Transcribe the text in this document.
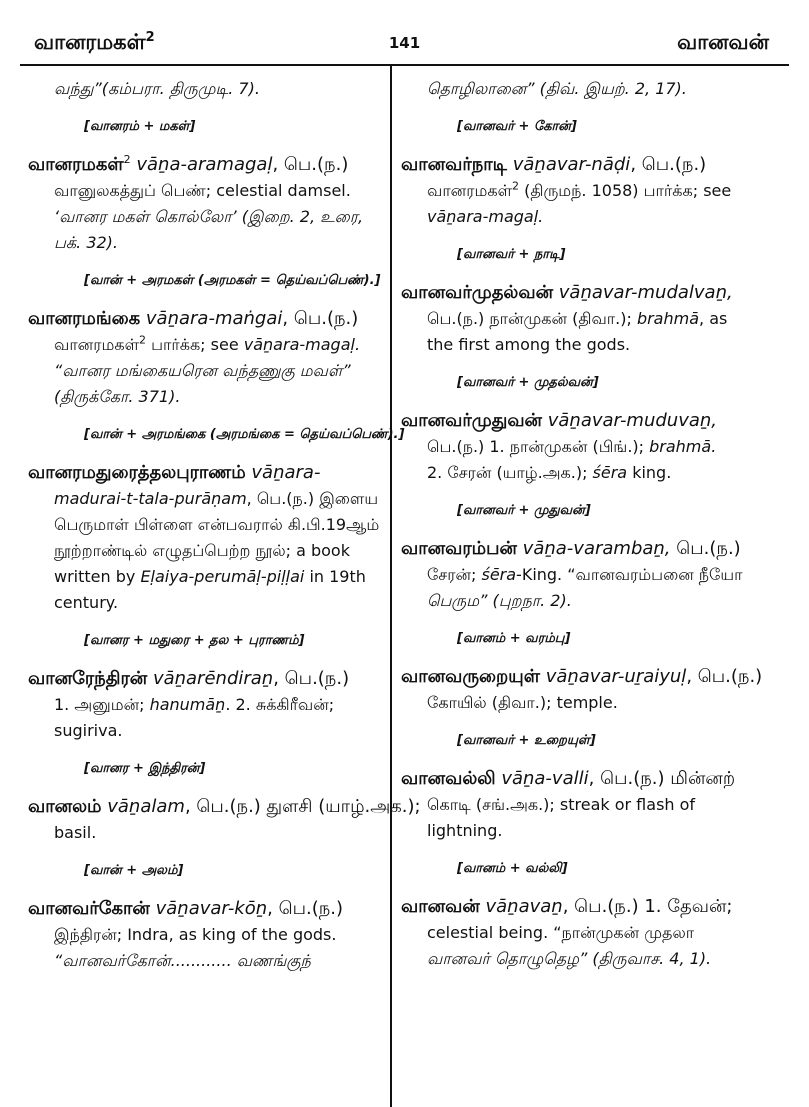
வானரமகள்$^2$	141	வானவன்
வந்து”(கம்பரா. திருமுடி. 7).
[வானரம் + மகள்]
வானரமகள்$^2$ vāṉa-aramagaḷ, பெ.(ந.)
வானுலகத்துப் பெண்; celestial damsel.
‘வானர மகள் கொல்லோ’ (இறை. 2, உரை,
பக். 32).
[வான் + அரமகள் (அரமகள் = தெய்வப்பெண்).]
வானரமங்கை vāṉara-maṅgai, பெ.(ந.)
வானரமகள்$^2$ பார்க்க; see vāṉara-magaḷ.
“வானர மங்கையரென வந்தணுகு மவள்”
(திருக்கோ. 371).
[வான் + அரமங்கை (அரமங்கை = தெய்வப்பெண்).]
வானரமதுரைத்தலபுராணம் vāṉara-
madurai-t-tala-purāṇam, பெ.(ந.) இளைய
பெருமாள் பிள்ளை என்பவரால் கி.பி.19ஆம்
நூற்றாண்டில் எழுதப்பெற்ற நூல்; a book
written by Eḷaiya-perumāḷ-piḷḷai in 19th
century.
[வானர + மதுரை + தல + புராணம்]
வானரேந்திரன் vāṉarēndiraṉ, பெ.(ந.)
1. அனுமன்; hanumāṉ. 2. சுக்கிரீவன்;
sugiriva.
[வானர + இந்திரன்]
வானலம் vāṉalam, பெ.(ந.) துளசி (யாழ்.அக.);
basil.
[வான் + அலம்]
வானவர்கோன் vāṉavar-kōṉ, பெ.(ந.)
இந்திரன்; Indra, as king of the gods.
“வானவர்கோன்............ வணங்குந்
தொழிலானை” (திவ். இயற். 2, 17).
[வானவர் + கோன்]
வானவர்நாடி vāṉavar-nāḍi, பெ.(ந.)
வானரமகள்$^2$ (திருமந். 1058) பார்க்க; see
vāṉara-magaḷ.
[வானவர் + நாடி]
வானவர்முதல்வன் vāṉavar-mudalvaṉ,
பெ.(ந.) நான்முகன் (திவா.); brahmā, as
the first among the gods.
[வானவர் + முதல்வன்]
வானவர்முதுவன் vāṉavar-muduvaṉ,
பெ.(ந.) 1. நான்முகன் (பிங்.); brahmā.
2. சேரன் (யாழ்.அக.); śēra king.
[வானவர் + முதுவன்]
வானவரம்பன் vāṉa-varambaṉ, பெ.(ந.)
சேரன்; śēra-King. “வானவரம்பனை நீயோ
பெரும” (புறநா. 2).
[வானம் + வரம்பு]
வானவருறையுள் vāṉavar-uṟaiyuḷ, பெ.(ந.)
கோயில் (திவா.); temple.
[வானவர் + உறையுள்]
வானவல்லி vāṉa-valli, பெ.(ந.) மின்னற்
கொடி (சங்.அக.); streak or flash of
lightning.
[வானம் + வல்லி]
வானவன் vāṉavaṉ, பெ.(ந.) 1. தேவன்;
celestial being. “நான்முகன் முதலா
வானவர் தொழுதெழ” (திருவாச. 4, 1).
